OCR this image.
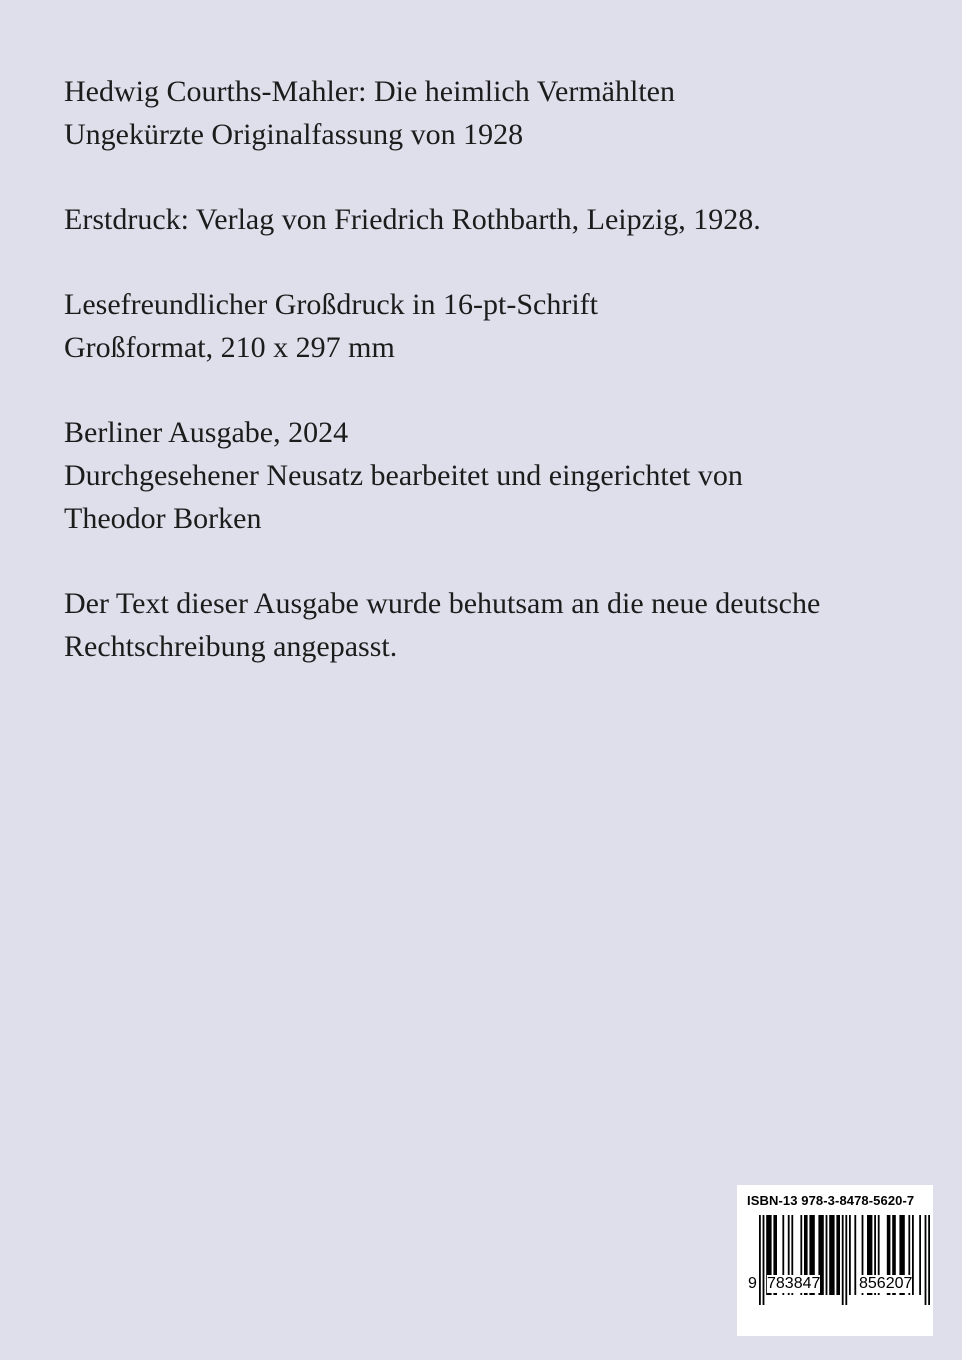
Hedwig Courths-Mahler: Die heimlich Vermählten
Ungekürzte Originalfassung von 1928

Erstdruck: Verlag von Friedrich Rothbarth, Leipzig, 1928.

Lesefreundlicher Großdruck in 16-pt-Schrift
Großformat, 210 x 297 mm

Berliner Ausgabe, 2024
Durchgesehener Neusatz bearbeitet und eingerichtet von
Theodor Borken

Der Text dieser Ausgabe wurde behutsam an die neue deutsche
Rechtschreibung angepasst.

ISBN-13 978-3-8478-5620-7
9 783847 856207
